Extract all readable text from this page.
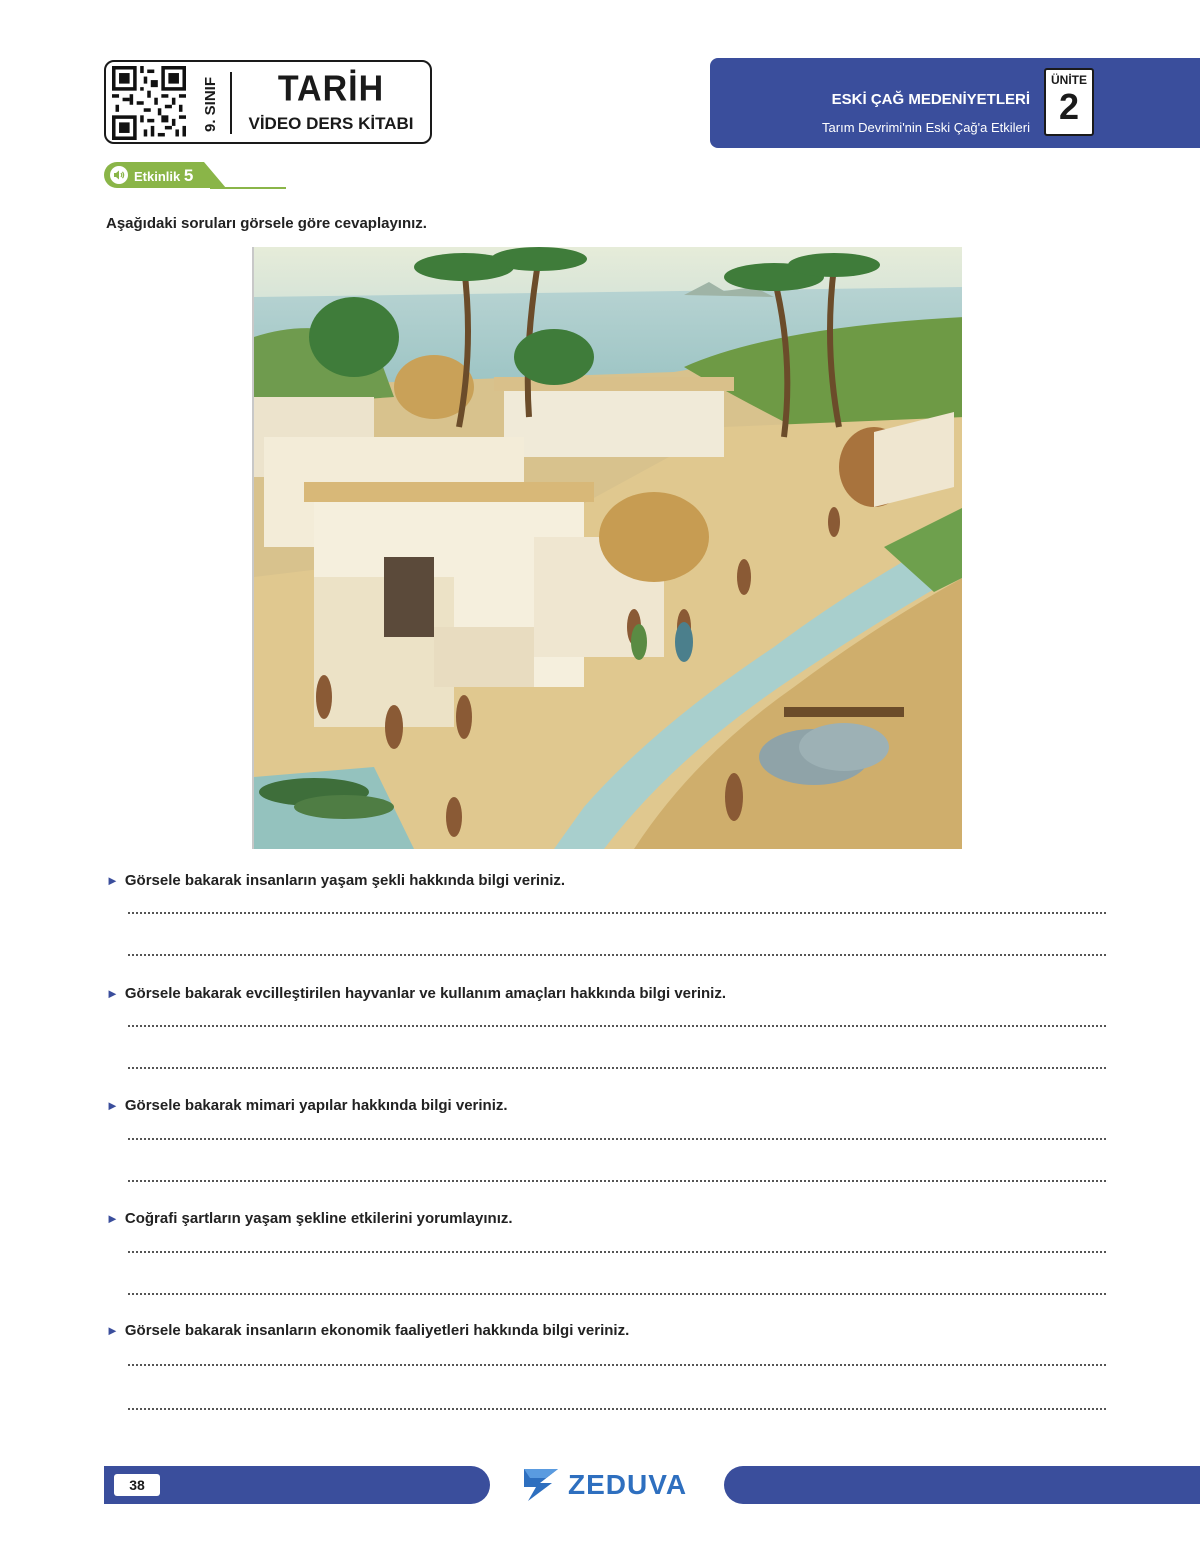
9. SINIF	TARİH
VİDEO DERS KİTABI
ESKİ ÇAĞ MEDENİYETLERİ
Tarım Devrimi'nin Eski Çağ'a Etkileri
ÜNİTE
2
Etkinlik 5
Aşağıdaki soruları görsele göre cevaplayınız.
► Görsele bakarak insanların yaşam şekli hakkında bilgi veriniz.
► Görsele bakarak evcilleştirilen hayvanlar ve kullanım amaçları hakkında bilgi veriniz.
► Görsele bakarak mimari yapılar hakkında bilgi veriniz.
► Coğrafi şartların yaşam şekline etkilerini yorumlayınız.
► Görsele bakarak insanların ekonomik faaliyetleri hakkında bilgi veriniz.
38	ZEDUVA
